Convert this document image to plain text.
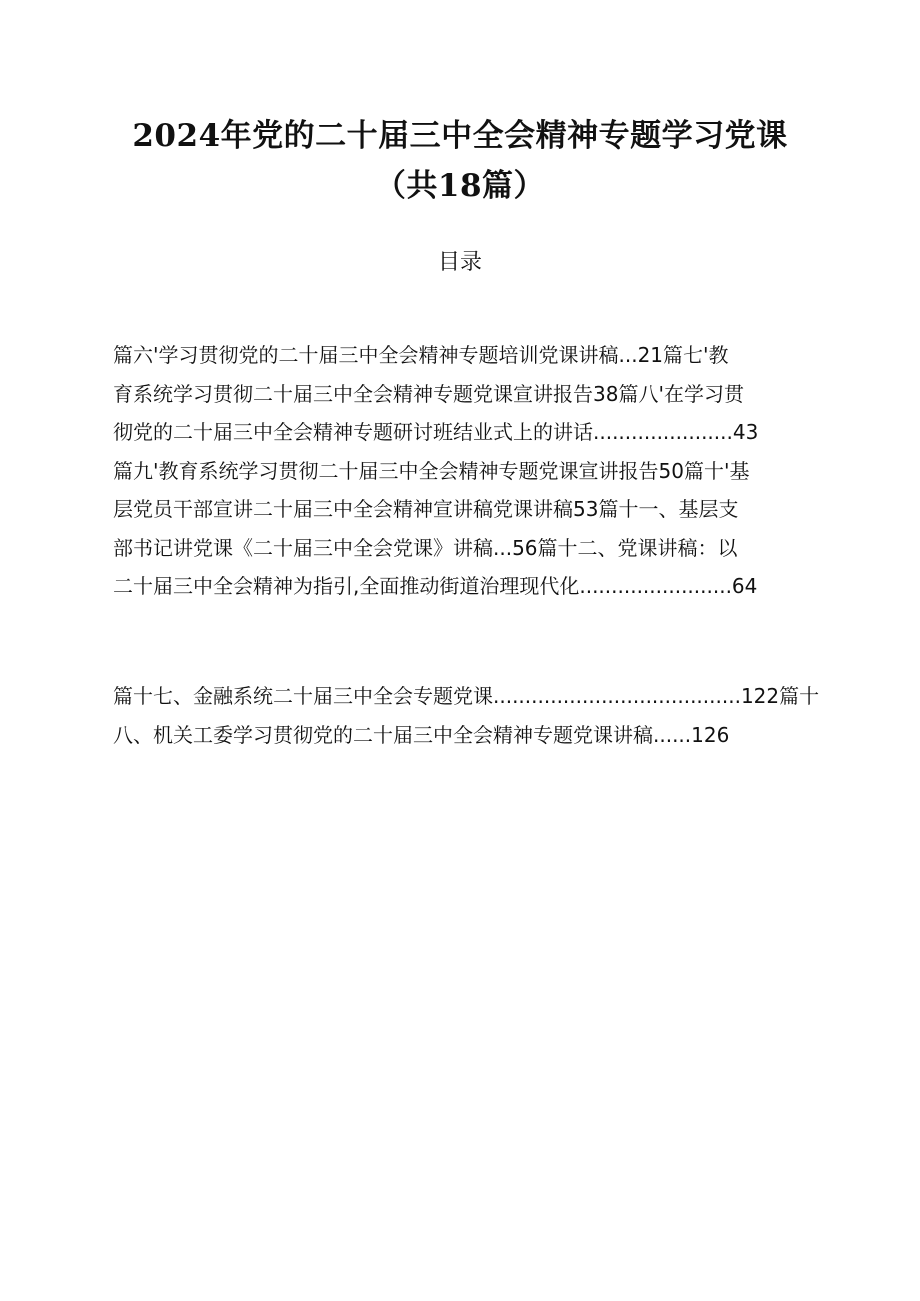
2024年党的二十届三中全会精神专题学习党课
（共18篇）
目录
篇六'学习贯彻党的二十届三中全会精神专题培训党课讲稿...21篇七'教
育系统学习贯彻二十届三中全会精神专题党课宣讲报告38篇八'在学习贯
彻党的二十届三中全会精神专题研讨班结业式上的讲话......................43
篇九'教育系统学习贯彻二十届三中全会精神专题党课宣讲报告50篇十'基
层党员干部宣讲二十届三中全会精神宣讲稿党课讲稿53篇十一、基层支
部书记讲党课《二十届三中全会党课》讲稿...56篇十二、党课讲稿：以
二十届三中全会精神为指引,全面推动街道治理现代化........................64
篇十七、金融系统二十届三中全会专题党课.......................................122篇十
八、机关工委学习贯彻党的二十届三中全会精神专题党课讲稿......126
